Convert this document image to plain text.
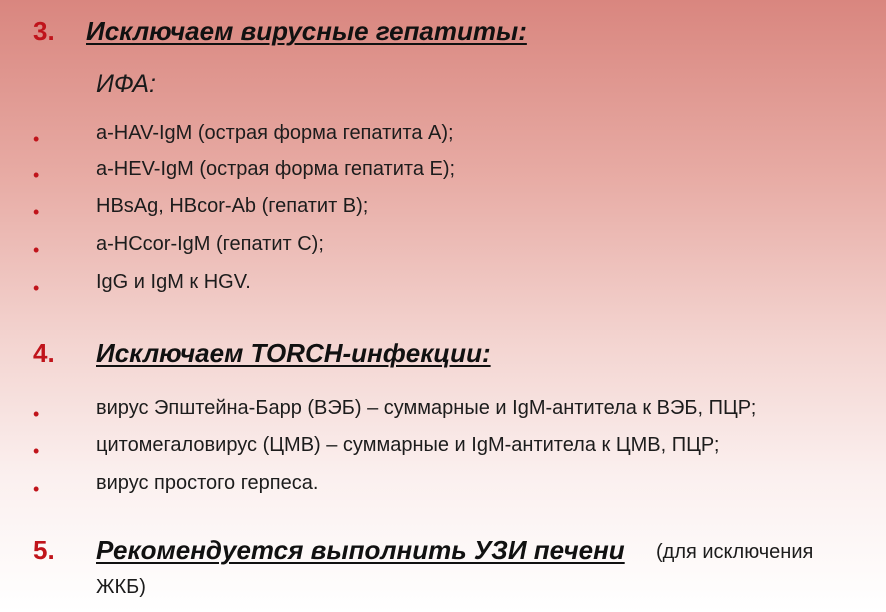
3. Исключаем вирусные гепатиты:
ИФА:
•	a-HAV-IgM (острая форма гепатита А);
•	a-HEV-IgM (острая форма гепатита Е);
•	HBsAg, HBcor-Ab (гепатит В);
•	a-HCcor-IgM (гепатит С);
•	IgG и IgM к HGV.
4. Исключаем TORCH-инфекции:
•	вирус Эпштейна-Барр (ВЭБ) – суммарные и IgM-антитела к ВЭБ, ПЦР;
•	цитомегаловирус (ЦМВ) – суммарные и IgM-антитела к ЦМВ, ПЦР;
•	вирус простого герпеса.
5. Рекомендуется выполнить УЗИ печени (для исключения
ЖКБ)
